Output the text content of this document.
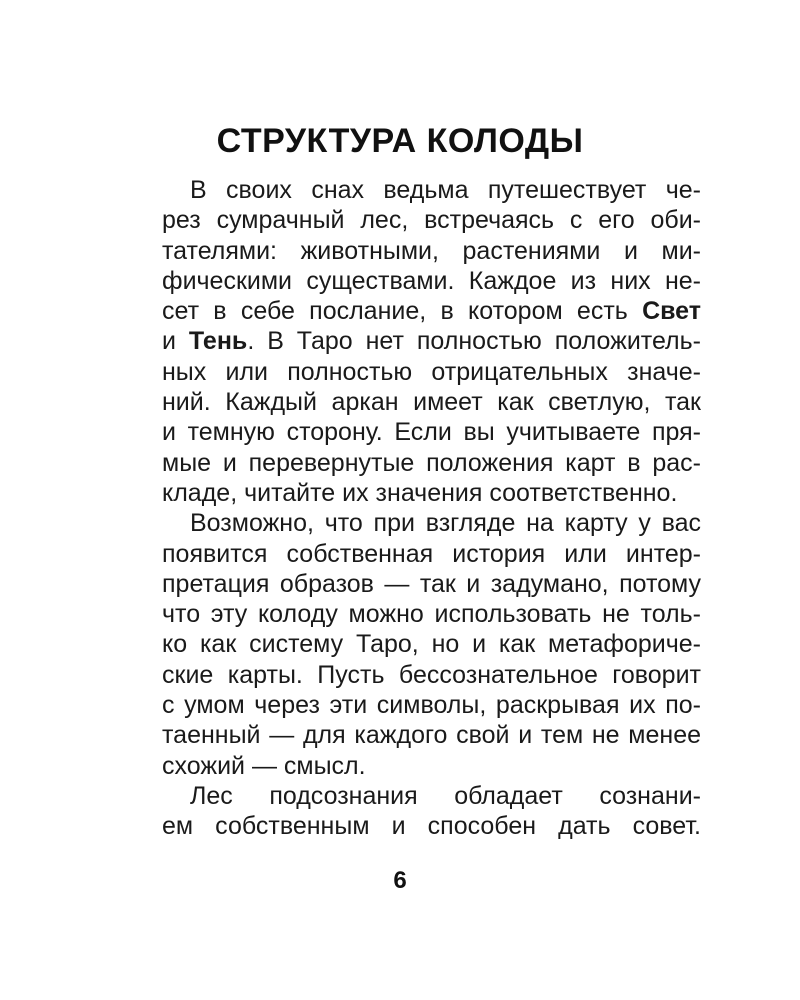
СТРУКТУРА КОЛОДЫ
В своих снах ведьма путешествует че-
рез сумрачный лес, встречаясь с его оби-
тателями: животными, растениями и ми-
фическими существами. Каждое из них не-
сет в себе послание, в котором есть Свет
и Тень. В Таро нет полностью положитель-
ных или полностью отрицательных значе-
ний. Каждый аркан имеет как светлую, так
и темную сторону. Если вы учитываете пря-
мые и перевернутые положения карт в рас-
кладе, читайте их значения соответственно.
Возможно, что при взгляде на карту у вас
появится собственная история или интер-
претация образов — так и задумано, потому
что эту колоду можно использовать не толь-
ко как систему Таро, но и как метафориче-
ские карты. Пусть бессознательное говорит
с умом через эти символы, раскрывая их по-
таенный — для каждого свой и тем не менее
схожий — смысл.
Лес подсознания обладает сознани-
ем собственным и способен дать совет.
6
